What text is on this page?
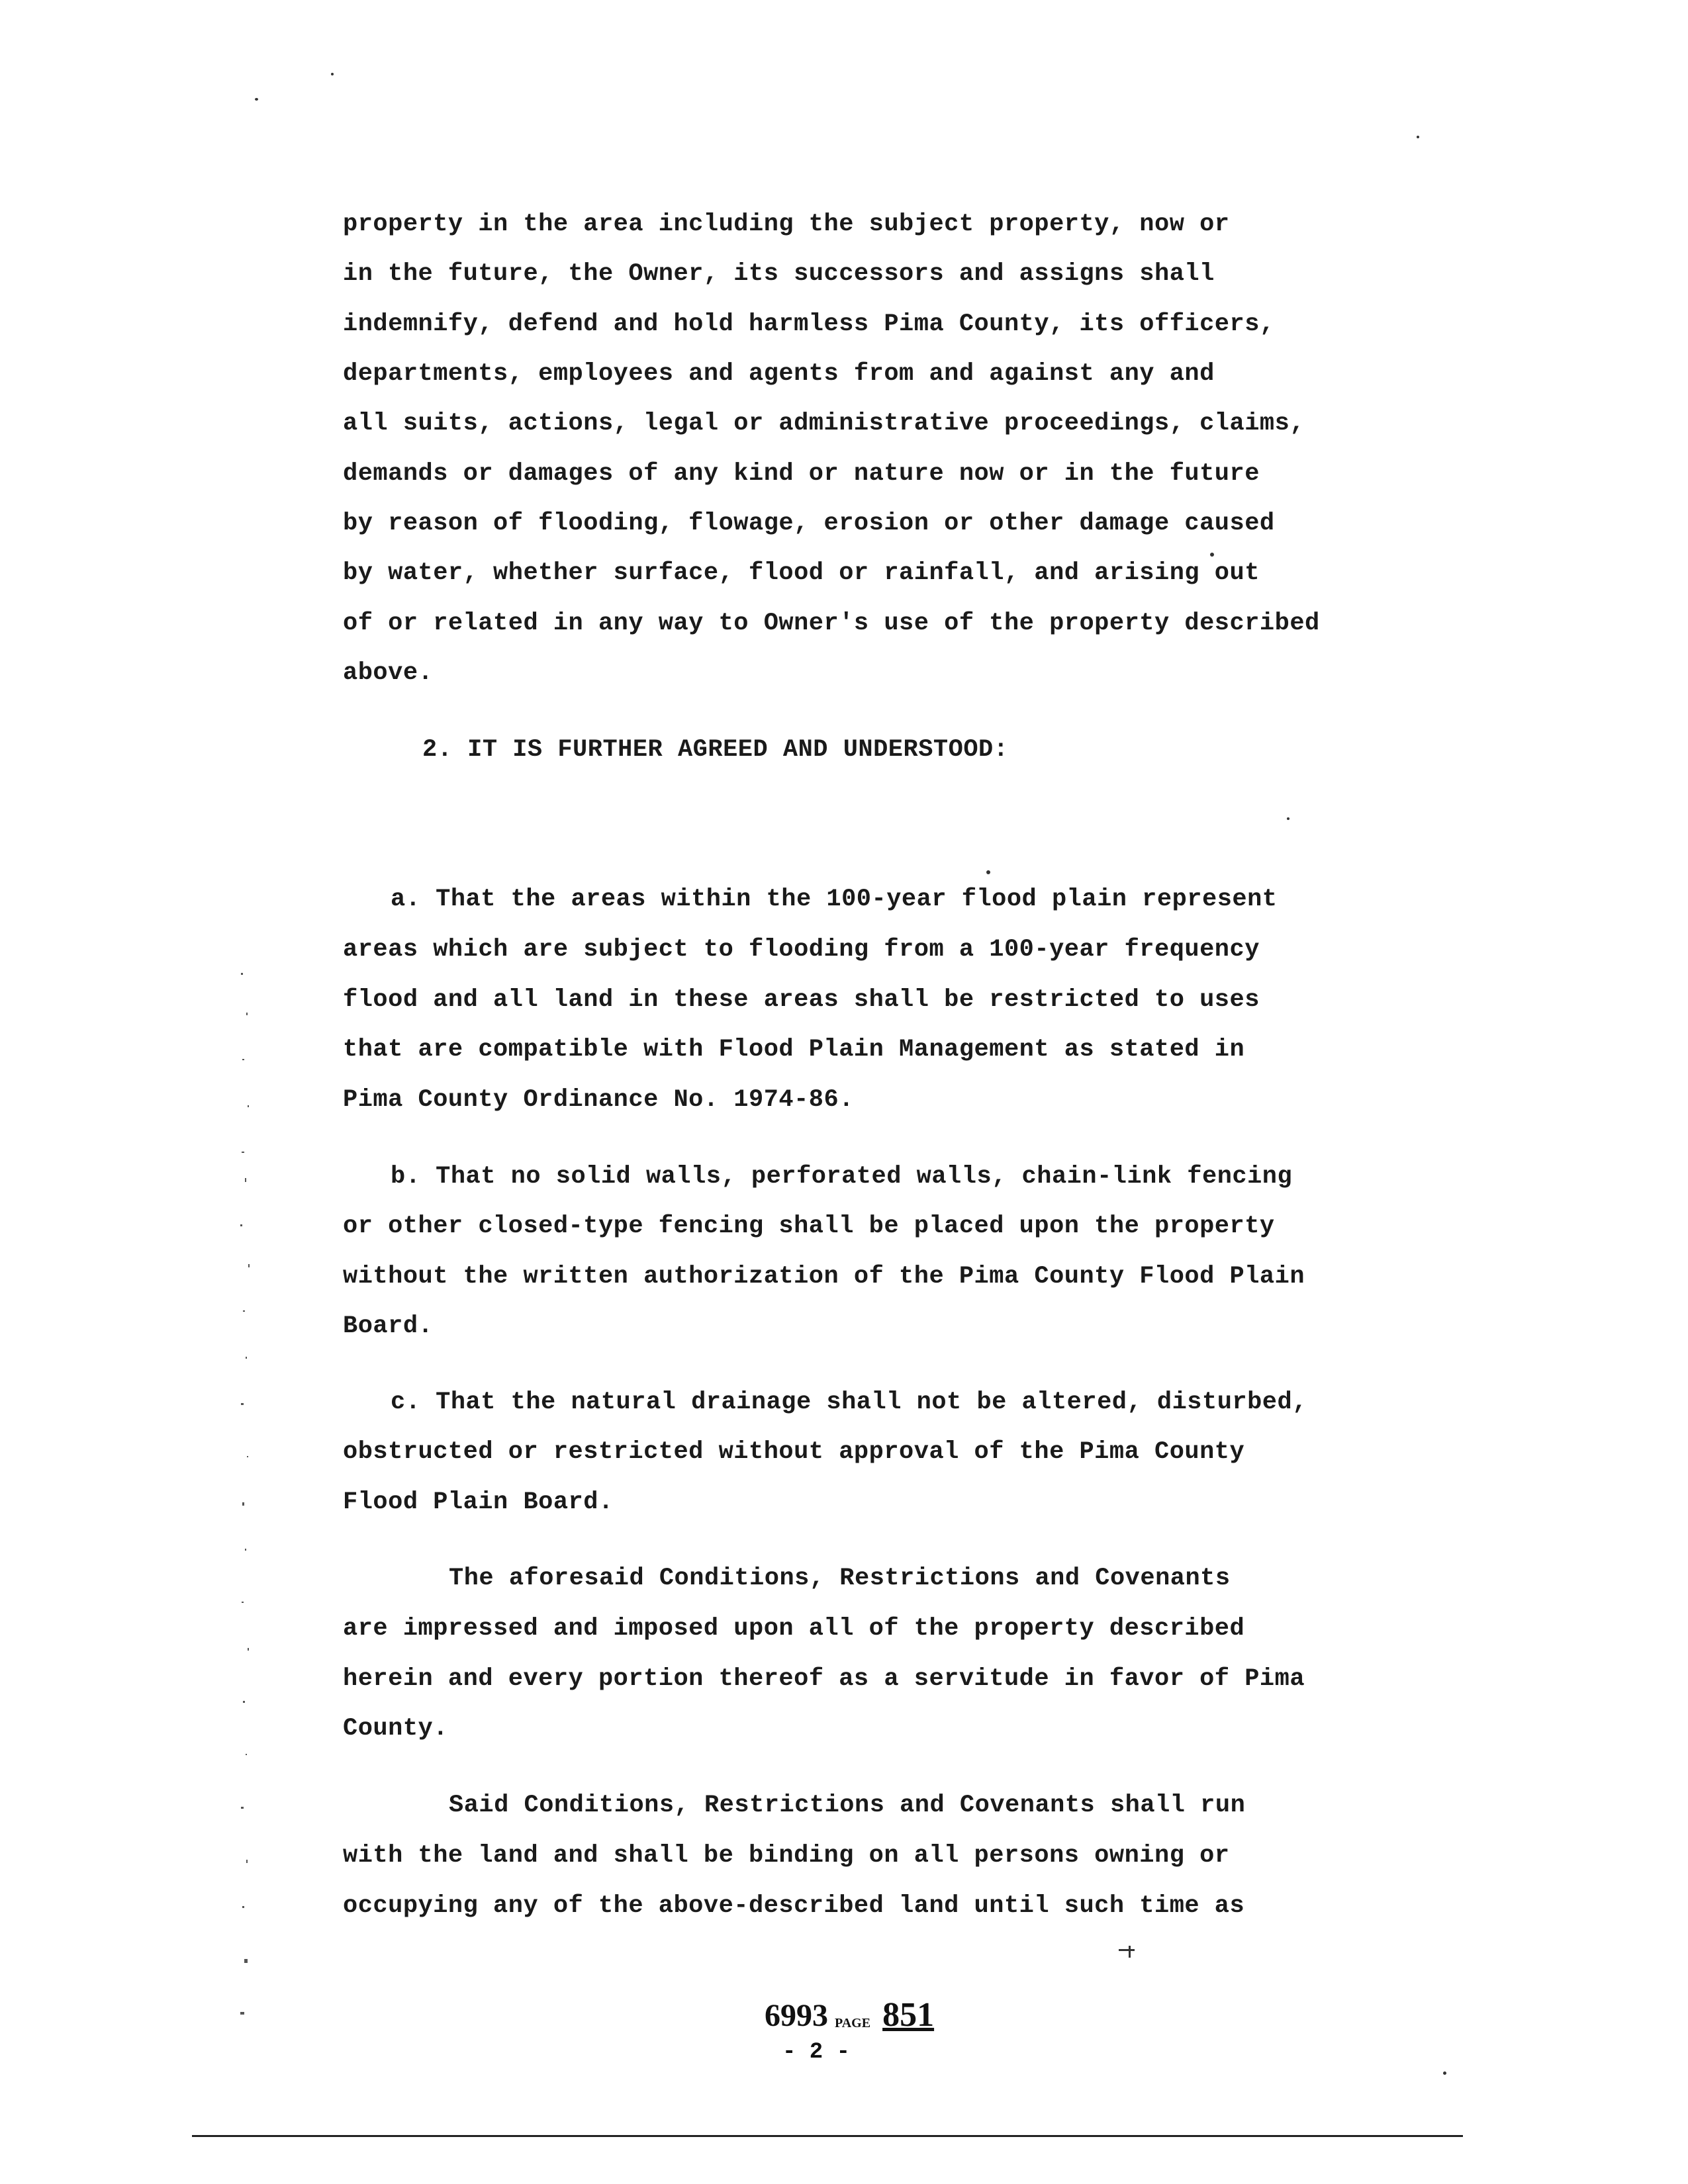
property in the area including the subject property, now or
in the future, the Owner, its successors and assigns shall
indemnify, defend and hold harmless Pima County, its officers,
departments, employees and agents from and against any and
all suits, actions, legal or administrative proceedings, claims,
demands or damages of any kind or nature now or in the future
by reason of flooding, flowage, erosion or other damage caused
by water, whether surface, flood or rainfall, and arising out
of or related in any way to Owner's use of the property described
above.
2. IT IS FURTHER AGREED AND UNDERSTOOD:
a. That the areas within the 100-year flood plain represent
areas which are subject to flooding from a 100-year frequency
flood and all land in these areas shall be restricted to uses
that are compatible with Flood Plain Management as stated in
Pima County Ordinance No. 1974-86.
b. That no solid walls, perforated walls, chain-link fencing
or other closed-type fencing shall be placed upon the property
without the written authorization of the Pima County Flood Plain
Board.
c. That the natural drainage shall not be altered, disturbed,
obstructed or restricted without approval of the Pima County
Flood Plain Board.
The aforesaid Conditions, Restrictions and Covenants
are impressed and imposed upon all of the property described
herein and every portion thereof as a servitude in favor of Pima
County.
Said Conditions, Restrictions and Covenants shall run
with the land and shall be binding on all persons owning or
occupying any of the above-described land until such time as
6993 PAGE 851
- 2 -
